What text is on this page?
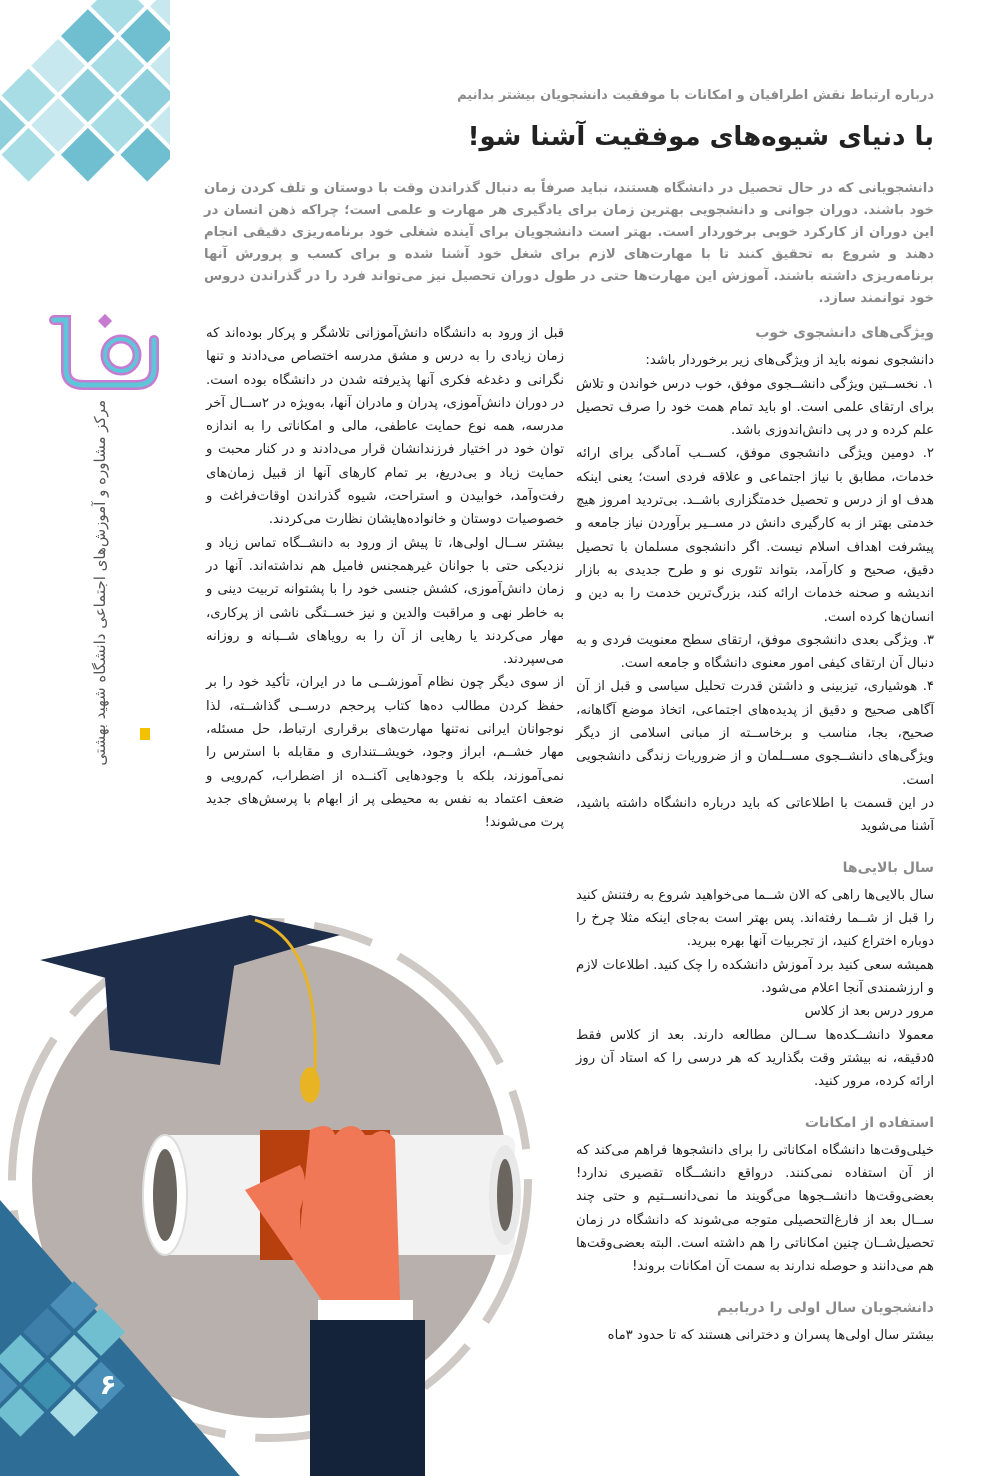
مرکز مشاوره و آموزش‌های اجتماعی دانشگاه شهید بهشتی
درباره ارتباط نقش اطرافیان و امکانات با موفقیت دانشجویان بیشتر بدانیم
با دنیای شیوه‌های موفقیت آشنا شو!
دانشجویانی که در حال تحصیل در دانشگاه هستند، نباید صرفاً به دنبال گذراندن وقت با دوستان و تلف کردن زمان خود باشند. دوران جوانی و دانشجویی بهترین زمان برای یادگیری هر مهارت و علمی است؛ چراکه ذهن انسان در این دوران از کارکرد خوبی برخوردار است. بهتر است دانشجویان برای آینده شغلی خود برنامه‌ریزی دقیقی انجام دهند و شروع به تحقیق کنند تا با مهارت‌های لازم برای شغل خود آشنا شده و برای کسب و پرورش آنها برنامه‌ریزی داشته باشند. آموزش این مهارت‌ها حتی در طول دوران تحصیل نیز می‌تواند فرد را در گذراندن دروس خود توانمند سازد.

ویژگی‌های دانشجوی خوب

دانشجوی نمونه باید از ویژگی‌های زیر برخوردار باشد:

۱. نخســتین ویژگی دانشــجوی موفق، خوب درس خواندن و تلاش برای ارتقای علمی است. او باید تمام همت خود را صرف تحصیل علم کرده و در پی دانش‌اندوزی باشد.

۲. دومین ویژگی دانشجوی موفق، کســب آمادگی برای ارائه خدمات، مطابق با نیاز اجتماعی و علاقه فردی است؛ یعنی اینکه هدف او از درس و تحصیل خدمتگزاری باشــد. بی‌تردید امروز هیچ خدمتی بهتر از به کارگیری دانش در مســیر برآوردن نیاز جامعه و پیشرفت اهداف اسلام نیست. اگر دانشجوی مسلمان با تحصیل دقیق، صحیح و کارآمد، بتواند تئوری نو و طرح جدیدی به بازار اندیشه و صحنه خدمات ارائه کند، بزرگ‌ترین خدمت را به دین و انسان‌ها کرده است.

۳. ویژگی بعدی دانشجوی موفق، ارتقای سطح معنویت فردی و به دنبال آن ارتقای کیفی امور معنوی دانشگاه و جامعه است.

۴. هوشیاری، تیزبینی و داشتن قدرت تحلیل سیاسی و قبل از آن آگاهی صحیح و دقیق از پدیده‌های اجتماعی، اتخاذ موضع آگاهانه، صحیح، بجا، مناسب و برخاســته از مبانی اسلامی از دیگر ویژگی‌های دانشــجوی مســلمان و از ضروریات زندگی دانشجویی است.

در این قسمت با اطلاعاتی که باید درباره دانشگاه داشته باشید، آشنا می‌شوید

سال بالایی‌ها

سال بالایی‌ها راهی که الان شــما می‌خواهید شروع به رفتنش کنید را قبل از شــما رفته‌اند. پس بهتر است به‌جای اینکه مثلا چرخ را دوباره اختراع کنید، از تجربیات آنها بهره ببرید.

همیشه سعی کنید برد آموزش دانشکده را چک کنید. اطلاعات لازم و ارزشمندی آنجا اعلام می‌شود.

مرور درس بعد از کلاس

معمولا دانشــکده‌ها ســالن مطالعه دارند. بعد از کلاس فقط ۵دقیقه، نه بیشتر وقت بگذارید که هر درسی را که استاد آن روز ارائه کرده، مرور کنید.

استفاده از امکانات

خیلی‌وقت‌ها دانشگاه امکاناتی را برای دانشجوها فراهم می‌کند که از آن استفاده نمی‌کنند. درواقع دانشــگاه تقصیری ندارد! بعضی‌وقت‌ها دانشــجوها می‌گویند ما نمی‌دانســتیم و حتی چند ســال بعد از فارغ‌التحصیلی متوجه می‌شوند که دانشگاه در زمان تحصیل‌شــان چنین امکاناتی را هم داشته است. البته بعضی‌وقت‌ها هم می‌دانند و حوصله ندارند به سمت آن امکانات بروند!

دانشجویان سال اولی را دریابیم

بیشتر سال اولی‌ها پسران و دخترانی هستند که تا حدود ۳ماه

قبل از ورود به دانشگاه دانش‌آموزانی تلاشگر و پرکار بوده‌اند که زمان زیادی را به درس و مشق مدرسه اختصاص می‌دادند و تنها نگرانی و دغدغه فکری آنها پذیرفته شدن در دانشگاه بوده است. در دوران دانش‌آموزی، پدران و مادران آنها، به‌ویژه در ۲ســال آخر مدرسه، همه نوع حمایت عاطفی، مالی و امکاناتی را به اندازه توان خود در اختیار فرزندانشان قرار می‌دادند و در کنار محبت و حمایت زیاد و بی‌دریغ، بر تمام کارهای آنها از قبیل زمان‌های رفت‌وآمد، خوابیدن و استراحت، شیوه گذراندن اوقات‌فراغت و خصوصیات دوستان و خانواده‌هایشان نظارت می‌کردند.

بیشتر ســال اولی‌ها، تا پیش از ورود به دانشــگاه تماس زیاد و نزدیکی حتی با جوانان غیرهمجنس فامیل هم نداشته‌اند. آنها در زمان دانش‌آموزی، کشش جنسی خود را با پشتوانه تربیت دینی و به خاطر نهی و مراقبت والدین و نیز خســتگی ناشی از پرکاری، مهار می‌کردند یا رهایی از آن را به رویاهای شــبانه و روزانه می‌سپردند.

از سوی دیگر چون نظام آموزشــی ما در ایران، تأکید خود را بر حفظ کردن مطالب ده‌ها کتاب پرحجم درســی گذاشــته، لذا نوجوانان ایرانی نه‌تنها مهارت‌های برقراری ارتباط، حل مسئله، مهار خشــم، ابراز وجود، خویشــتنداری و مقابله با استرس را نمی‌آموزند، بلکه با وجودهایی آکنــده از اضطراب، کم‌رویی و ضعف اعتماد به نفس به محیطی پر از ابهام با پرسش‌های جدید پرت می‌شوند!

۶
